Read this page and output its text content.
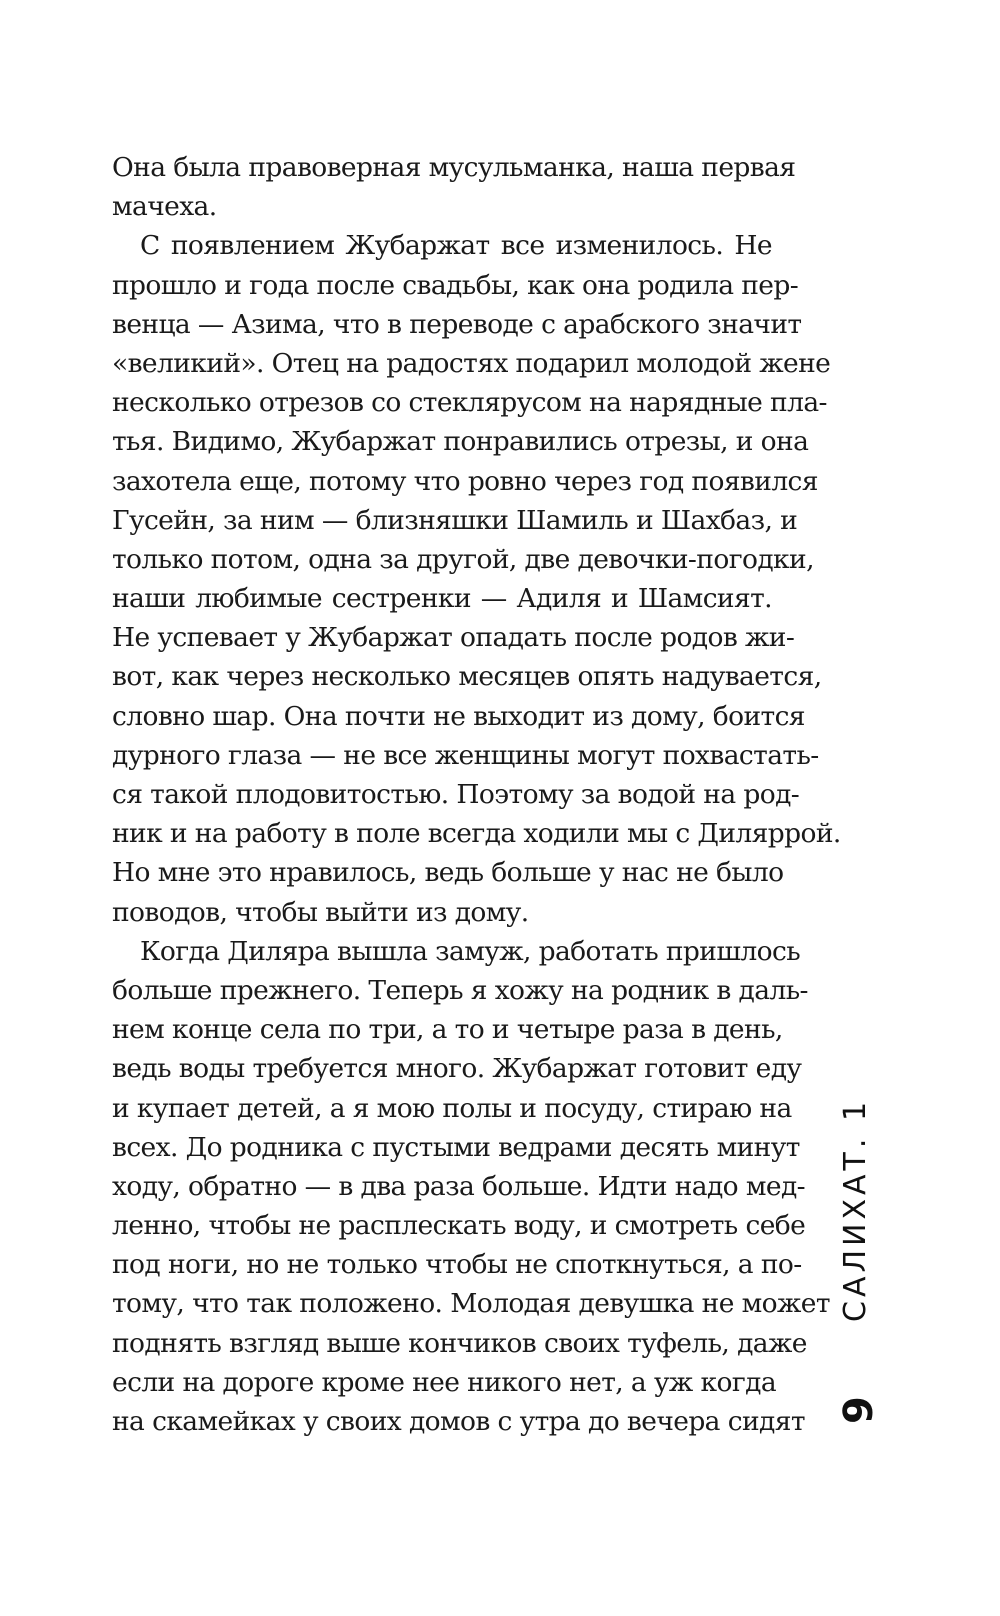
Она была правоверная мусульманка, наша первая
мачеха.
С появлением Жубаржат все изменилось. Не
прошло и года после свадьбы, как она родила пер-
венца — Азима, что в переводе с арабского значит
«великий». Отец на радостях подарил молодой жене
несколько отрезов со стеклярусом на нарядные пла-
тья. Видимо, Жубаржат понравились отрезы, и она
захотела еще, потому что ровно через год появился
Гусейн, за ним — близняшки Шамиль и Шахбаз, и
только потом, одна за другой, две девочки-погодки,
наши любимые сестренки — Адиля и Шамсият.
Не успевает у Жубаржат опадать после родов жи-
вот, как через несколько месяцев опять надувается,
словно шар. Она почти не выходит из дому, боится
дурного глаза — не все женщины могут похвастать-
ся такой плодовитостью. Поэтому за водой на род-
ник и на работу в поле всегда ходили мы с Диляррой.
Но мне это нравилось, ведь больше у нас не было
поводов, чтобы выйти из дому.
Когда Диляра вышла замуж, работать пришлось
больше прежнего. Теперь я хожу на родник в даль-
нем конце села по три, а то и четыре раза в день,
ведь воды требуется много. Жубаржат готовит еду
и купает детей, а я мою полы и посуду, стираю на
всех. До родника с пустыми ведрами десять минут
ходу, обратно — в два раза больше. Идти надо мед-
ленно, чтобы не расплескать воду, и смотреть себе
под ноги, но не только чтобы не споткнуться, а по-
тому, что так положено. Молодая девушка не может
поднять взгляд выше кончиков своих туфель, даже
если на дороге кроме нее никого нет, а уж когда
на скамейках у своих домов с утра до вечера сидят
САЛИХАТ. 1
9
